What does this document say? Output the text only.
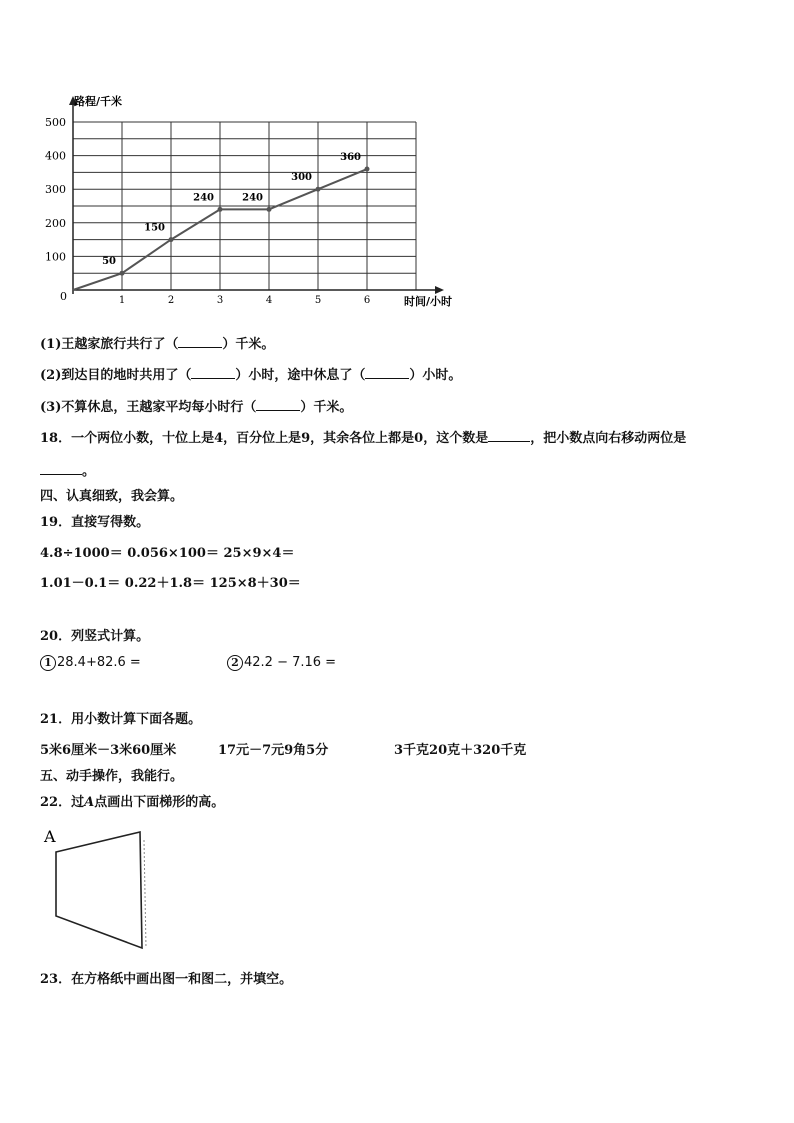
路程/千米
时间/小时
0
100
200
300
400
500
1	2	3	4	5	6
50
150
240	240
300
360
(1)王越家旅行共行了（	）千米。
(2)到达目的地时共用了（	）小时，途中休息了（	）小时。
(3)不算休息，王越家平均每小时行（	）千米。
18．一个两位小数，十位上是4，百分位上是9，其余各位上都是0，这个数是	，把小数点向右移动两位是
。
四、认真细致，我会算。
19．直接写得数。
4.8÷1000＝ 0.056×100＝ 25×9×4＝
1.01－0.1＝ 0.22＋1.8＝ 125×8＋30＝
20．列竖式计算。
1 28.4+82.6 =	2 42.2 − 7.16 =
21．用小数计算下面各题。
5米6厘米－3米60厘米	17元－7元9角5分	3千克20克＋320千克
五、动手操作，我能行。
22．过A点画出下面梯形的高。
A
23．在方格纸中画出图一和图二，并填空。
